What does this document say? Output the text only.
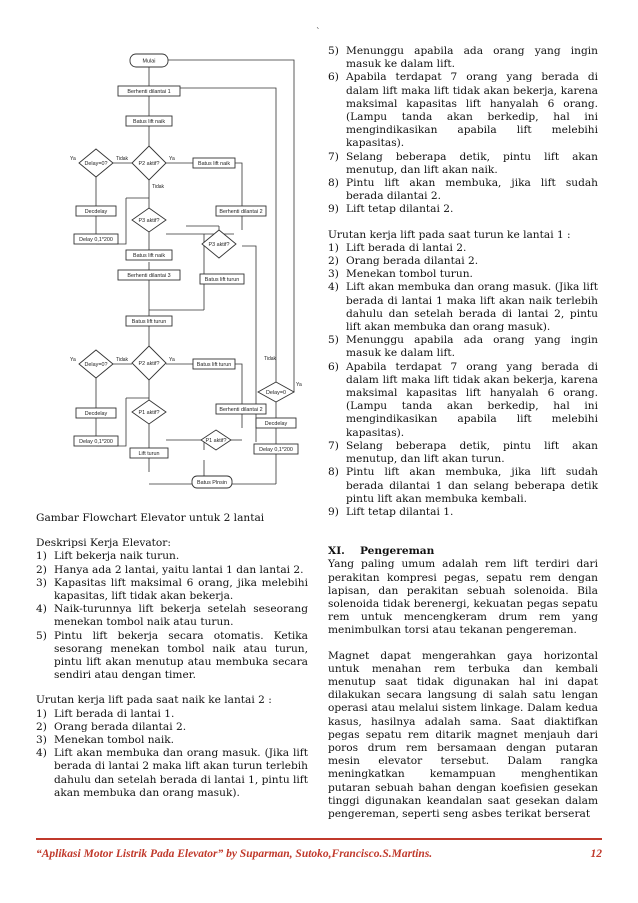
`
Mulai
Berhenti dilantai 1
Batus lift naik
P2 aktif?
Delay=0?
Ya	Tidak	Ya
Tidak
Batus lift naik
Decdelay
P3 aktif?
Berhenti dilantai 2
Delay 0,1*200
P3 aktif?
Batus lift naik
Berhenti dilantai 3
Batus lift turun
Batus lift turun
P2 aktif?
Delay=0?
Ya	Tidak	Ya
Batus lift turun
Decdelay	P1 aktif?	Berhenti dilantai 2
Delay=0
Tidak
Ya
Decdelay
Delay 0,1*200	P1 aktif?
Delay 0,1*200
Lift turun
Batus Plnsin

Gambar Flowchart Elevator untuk 2 lantai

Deskripsi Kerja Elevator:

1) Lift bekerja naik turun.
2) Hanya ada 2 lantai, yaitu lantai 1 dan lantai 2.
3) Kapasitas lift maksimal 6 orang, jika melebihi kapasitas, lift tidak akan bekerja.
4) Naik-turunnya lift bekerja setelah seseorang menekan tombol naik atau turun.
5) Pintu lift bekerja secara otomatis. Ketika sesorang menekan tombol naik atau turun, pintu lift akan menutup atau membuka secara sendiri atau dengan timer.

Urutan kerja lift pada saat naik ke lantai 2 :

1) Lift berada di lantai 1.
2) Orang berada dilantai 2.
3) Menekan tombol naik.
4) Lift akan membuka dan orang masuk. (Jika lift berada di lantai 2 maka lift akan turun terlebih dahulu dan setelah berada di lantai 1, pintu lift akan membuka dan orang masuk).
5) Menunggu apabila ada orang yang ingin masuk ke dalam lift.
6) Apabila terdapat 7 orang yang berada di dalam lift maka lift tidak akan bekerja, karena maksimal kapasitas lift hanyalah 6 orang. (Lampu tanda akan berkedip, hal ini mengindikasikan apabila lift melebihi kapasitas).
7) Selang beberapa detik, pintu lift akan menutup, dan lift akan naik.
8) Pintu lift akan membuka, jika lift sudah berada dilantai 2.
9) Lift tetap dilantai 2.

Urutan kerja lift pada saat turun ke lantai 1 :

1) Lift berada di lantai 2.
2) Orang berada dilantai 2.
3) Menekan tombol turun.
4) Lift akan membuka dan orang masuk. (Jika lift berada di lantai 1 maka lift akan naik terlebih dahulu dan setelah berada di lantai 2, pintu lift akan membuka dan orang masuk).
5) Menunggu apabila ada orang yang ingin masuk ke dalam lift.
6) Apabila terdapat 7 orang yang berada di dalam lift maka lift tidak akan bekerja, karena maksimal kapasitas lift hanyalah 6 orang. (Lampu tanda akan berkedip, hal ini mengindikasikan apabila lift melebihi kapasitas).
7) Selang beberapa detik, pintu lift akan menutup, dan lift akan turun.
8) Pintu lift akan membuka, jika lift sudah berada dilantai 1 dan selang beberapa detik pintu lift akan membuka kembali.
9) Lift tetap dilantai 1.

XI. Pengereman

Yang paling umum adalah rem lift terdiri dari perakitan kompresi pegas, sepatu rem dengan lapisan, dan perakitan sebuah solenoida. Bila solenoida tidak berenergi, kekuatan pegas sepatu rem untuk mencengkeram drum rem yang menimbulkan torsi atau tekanan pengereman.

Magnet dapat mengerahkan gaya horizontal untuk menahan rem terbuka dan kembali menutup saat tidak digunakan hal ini dapat dilakukan secara langsung di salah satu lengan operasi atau melalui sistem linkage. Dalam kedua kasus, hasilnya adalah sama. Saat diaktifkan pegas sepatu rem ditarik magnet menjauh dari poros drum rem bersamaan dengan putaran mesin elevator tersebut. Dalam rangka meningkatkan kemampuan menghentikan putaran sebuah bahan dengan koefisien gesekan tinggi digunakan keandalan saat gesekan dalam pengereman, seperti seng asbes terikat berserat

“Aplikasi Motor Listrik Pada Elevator” by Suparman, Sutoko,Francisco.S.Martins.	12
